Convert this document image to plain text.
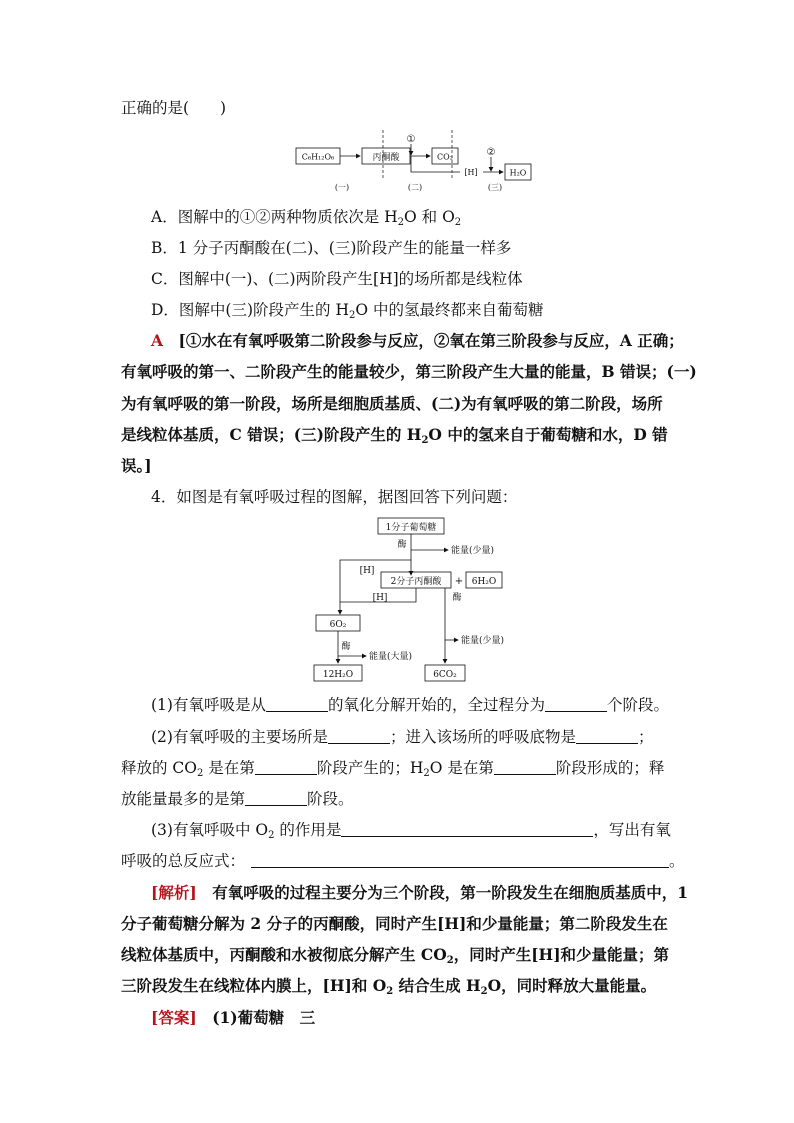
正确的是(　　)
C₆H₁₂O₆	丙酮酸
①
CO₂
[H]
②
H₂O
(一)	(二)	(三)
A．图解中的①②两种物质依次是 $H_2O$ 和 $O_2$
B．1 分子丙酮酸在(二)、(三)阶段产生的能量一样多
C．图解中(一)、(二)两阶段产生[H]的场所都是线粒体
D．图解中(三)阶段产生的 $H_2O$ 中的氢最终都来自葡萄糖
A　 [①水在有氧呼吸第二阶段参与反应，②氧在第三阶段参与反应，A 正确；
有氧呼吸的第一、二阶段产生的能量较少，第三阶段产生大量的能量，B 错误；(一)
为有氧呼吸的第一阶段，场所是细胞质基质、(二)为有氧呼吸的第二阶段，场所
是线粒体基质，C 错误；(三)阶段产生的 $H_2O$ 中的氢来自于葡萄糖和水，D 错
误。]
4．如图是有氧呼吸过程的图解，据图回答下列问题：
1分子葡萄糖
酶
能量(少量)
[H]
2分子丙酮酸 + 6H₂O
[H]	酶
6O₂
酶
能量(大量)
12H₂O
能量(少量)
6CO₂
(1)有氧呼吸是从	的氧化分解开始的，全过程分为	个阶段。
(2)有氧呼吸的主要场所是	；进入该场所的呼吸底物是	；
释放的 $CO_2$ 是在第	阶段产生的；$H_2O$ 是在第	阶段形成的；释
放能量最多的是第	阶段。
(3)有氧呼吸中 $O_2$ 的作用是	，写出有氧
呼吸的总反应式：	。
[解析]　 有氧呼吸的过程主要分为三个阶段，第一阶段发生在细胞质基质中，1
分子葡萄糖分解为 2 分子的丙酮酸，同时产生[H]和少量能量；第二阶段发生在
线粒体基质中，丙酮酸和水被彻底分解产生 $CO_2$，同时产生[H]和少量能量；第
三阶段发生在线粒体内膜上，[H]和 $O_2$ 结合生成 $H_2O$，同时释放大量能量。
[答案]　 (1)葡萄糖　三
